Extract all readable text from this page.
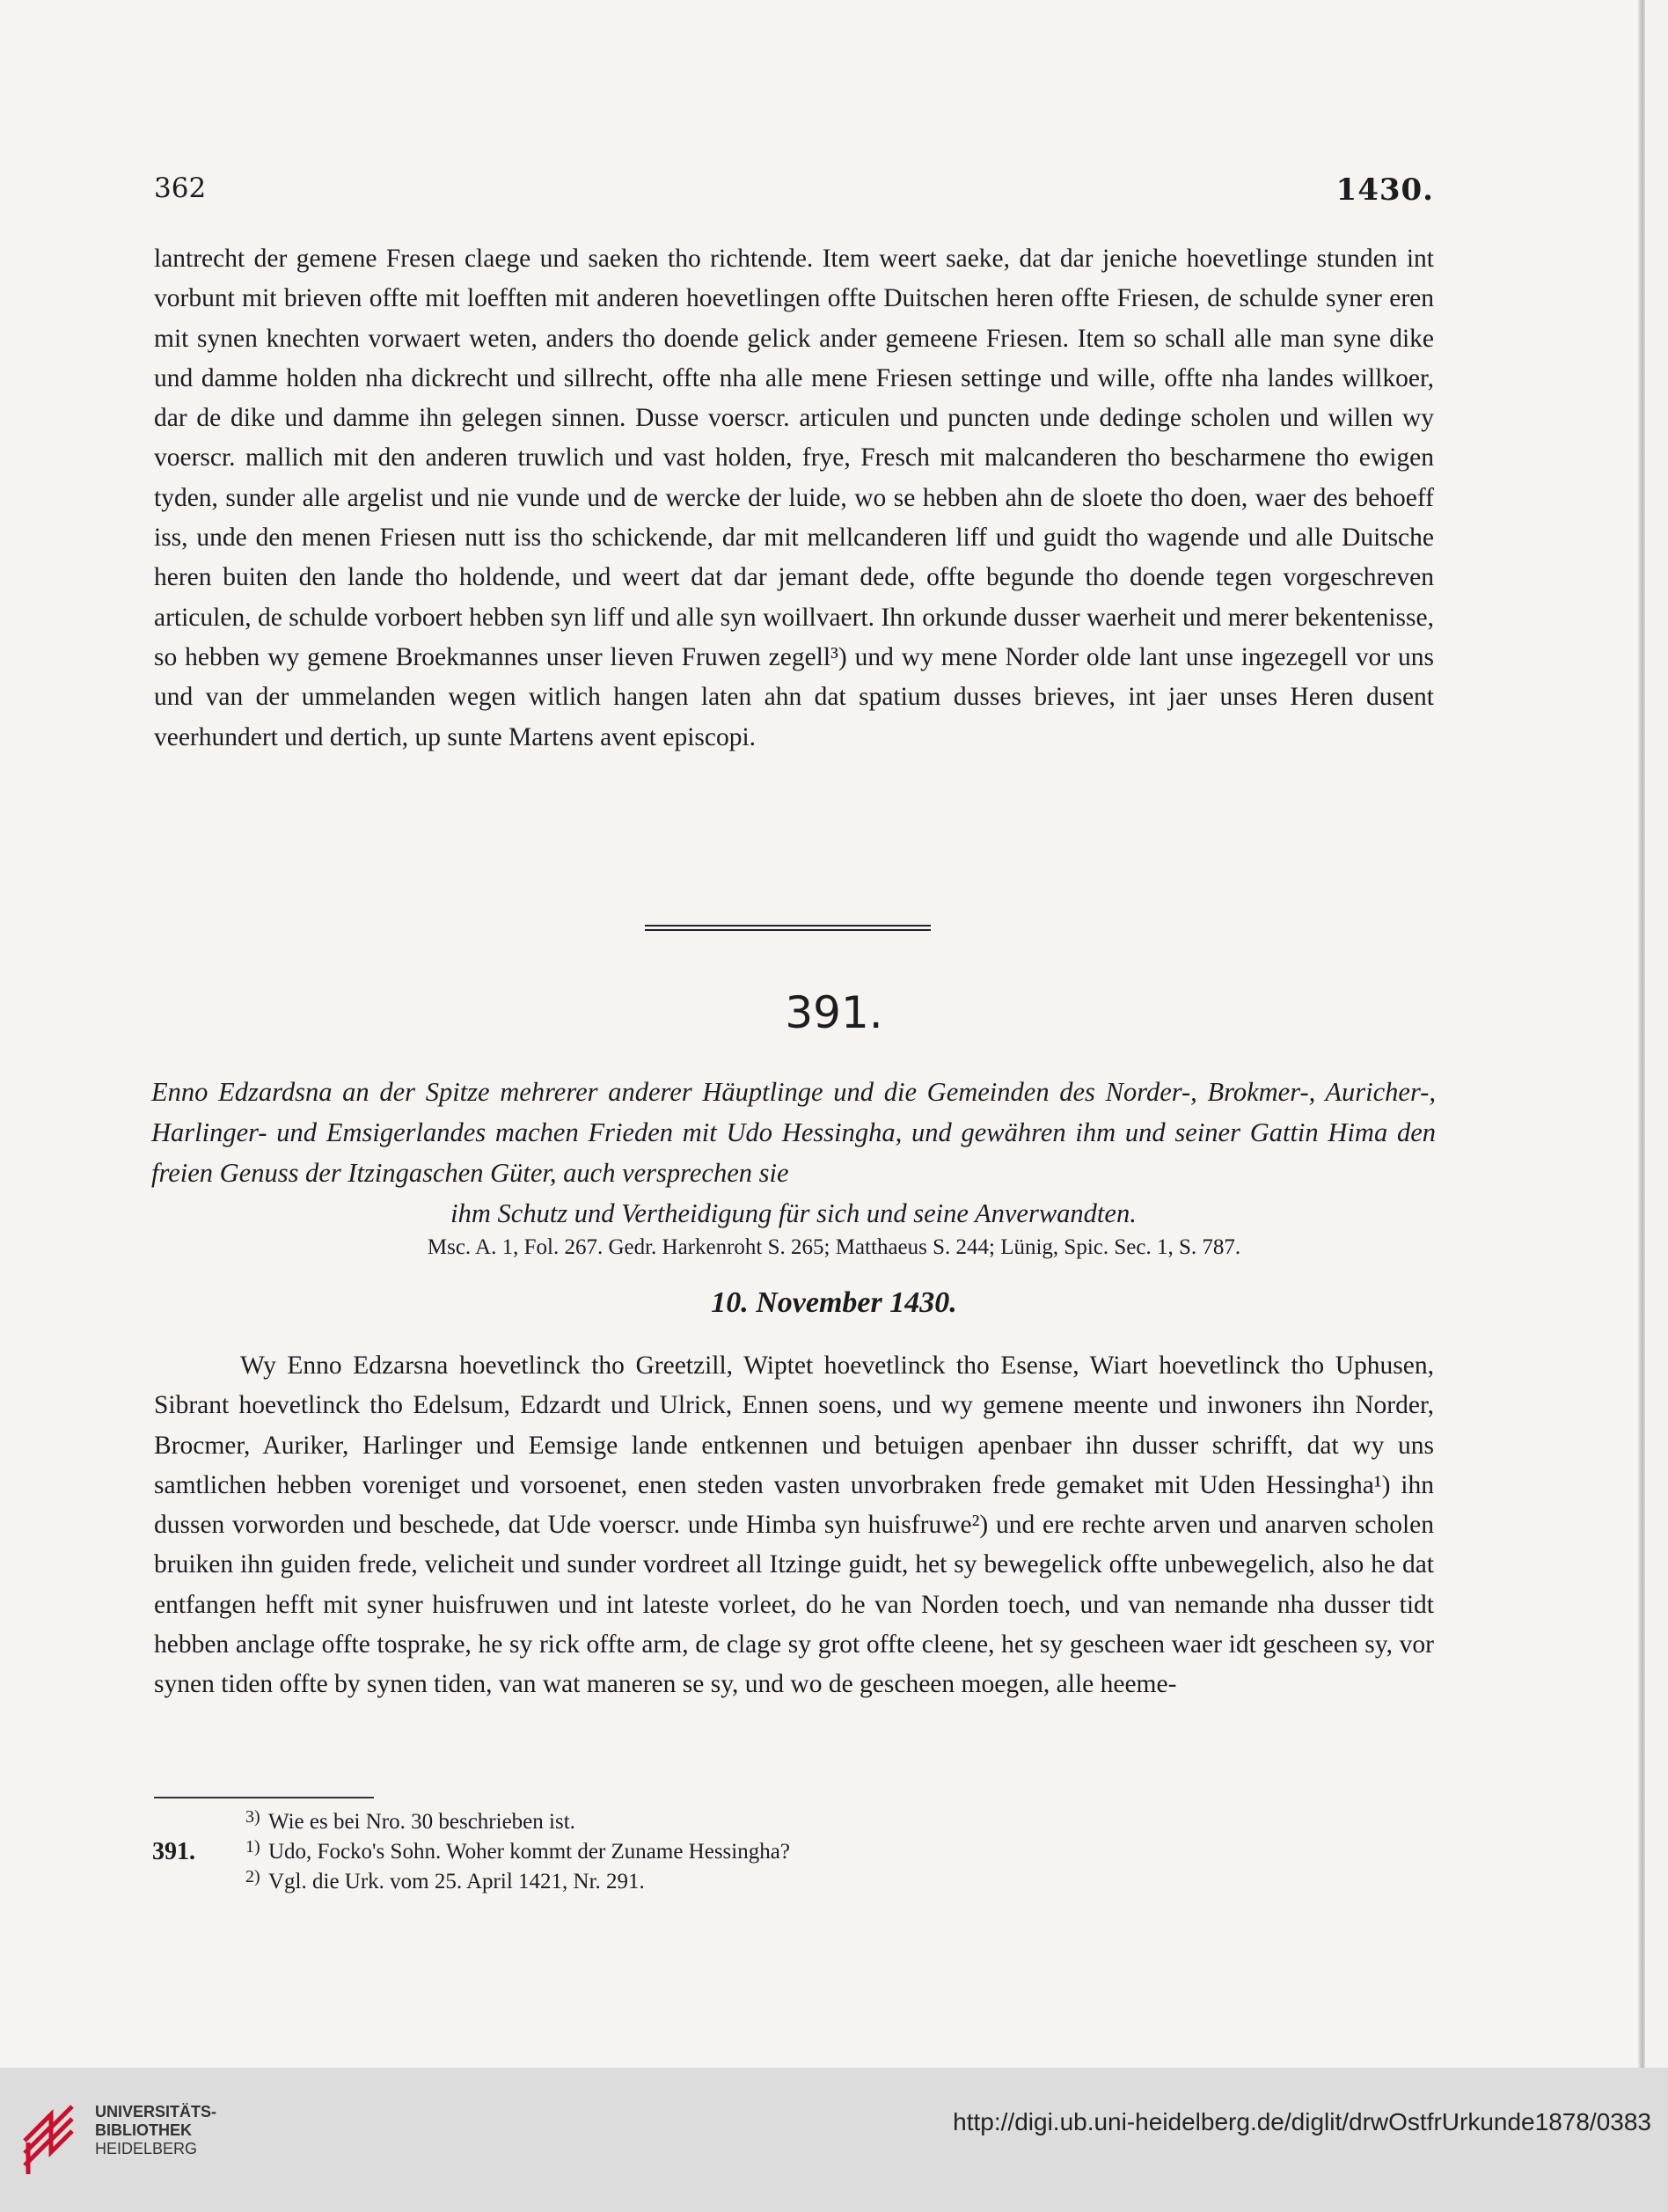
362	1430.

lantrecht der gemene Fresen claege und saeken tho richtende. Item weert saeke, dat dar jeniche hoevetlinge stunden int vorbunt mit brieven offte mit loefften mit anderen hoevetlingen offte Duitschen heren offte Friesen, de schulde syner eren mit synen knechten vorwaert weten, anders tho doende gelick ander gemeene Friesen. Item so schall alle man syne dike und damme holden nha dickrecht und sillrecht, offte nha alle mene Friesen settinge und wille, offte nha landes willkoer, dar de dike und damme ihn gelegen sinnen. Dusse voerscr. articulen und puncten unde dedinge scholen und willen wy voerscr. mallich mit den anderen truwlich und vast holden, frye, Fresch mit malcanderen tho bescharmene tho ewigen tyden, sunder alle argelist und nie vunde und de wercke der luide, wo se hebben ahn de sloete tho doen, waer des behoeff iss, unde den menen Friesen nutt iss tho schickende, dar mit mellcanderen liff und guidt tho wagende und alle Duitsche heren buiten den lande tho holdende, und weert dat dar jemant dede, offte begunde tho doende tegen vorgeschreven articulen, de schulde vorboert hebben syn liff und alle syn woillvaert. Ihn orkunde dusser waerheit und merer bekentenisse, so hebben wy gemene Broekmannes unser lieven Fruwen zegell³) und wy mene Norder olde lant unse ingezegell vor uns und van der ummelanden wegen witlich hangen laten ahn dat spatium dusses brieves, int jaer unses Heren dusent veerhundert und dertich, up sunte Martens avent episcopi.

391.
Enno Edzardsna an der Spitze mehrerer anderer Häuptlinge und die Gemeinden des Norder-, Brokmer-, Auricher-, Harlinger- und Emsigerlandes machen Frieden mit Udo Hessingha, und gewähren ihm und seiner Gattin Hima den freien Genuss der Itzingaschen Güter, auch versprechen sie
ihm Schutz und Vertheidigung für sich und seine Anverwandten.
Msc. A. 1, Fol. 267. Gedr. Harkenroht S. 265; Matthaeus S. 244; Lünig, Spic. Sec. 1, S. 787.
10. November 1430.

Wy Enno Edzarsna hoevetlinck tho Greetzill, Wiptet hoevetlinck tho Esense, Wiart hoevetlinck tho Uphusen, Sibrant hoevetlinck tho Edelsum, Edzardt und Ulrick, Ennen soens, und wy gemene meente und inwoners ihn Norder, Brocmer, Auriker, Harlinger und Eemsige lande entkennen und betuigen apenbaer ihn dusser schrifft, dat wy uns samtlichen hebben voreniget und vorsoenet, enen steden vasten unvorbraken frede gemaket mit Uden Hessingha¹) ihn dussen vorworden und beschede, dat Ude voerscr. unde Himba syn huisfruwe²) und ere rechte arven und anarven scholen bruiken ihn guiden frede, velicheit und sunder vordreet all Itzinge guidt, het sy bewegelick offte unbewegelich, also he dat entfangen hefft mit syner huisfruwen und int lateste vorleet, do he van Norden toech, und van nemande nha dusser tidt hebben anclage offte tosprake, he sy rick offte arm, de clage sy grot offte cleene, het sy gescheen waer idt gescheen sy, vor synen tiden offte by synen tiden, van wat maneren se sy, und wo de gescheen moegen, alle heeme-

3) Wie es bei Nro. 30 beschrieben ist.
391.	1) Udo, Focko's Sohn. Woher kommt der Zuname Hessingha?
2) Vgl. die Urk. vom 25. April 1421, Nr. 291.
UNIVERSITÄTS-
BIBLIOTHEK
HEIDELBERG
http://digi.ub.uni-heidelberg.de/diglit/drwOstfrUrkunde1878/0383
